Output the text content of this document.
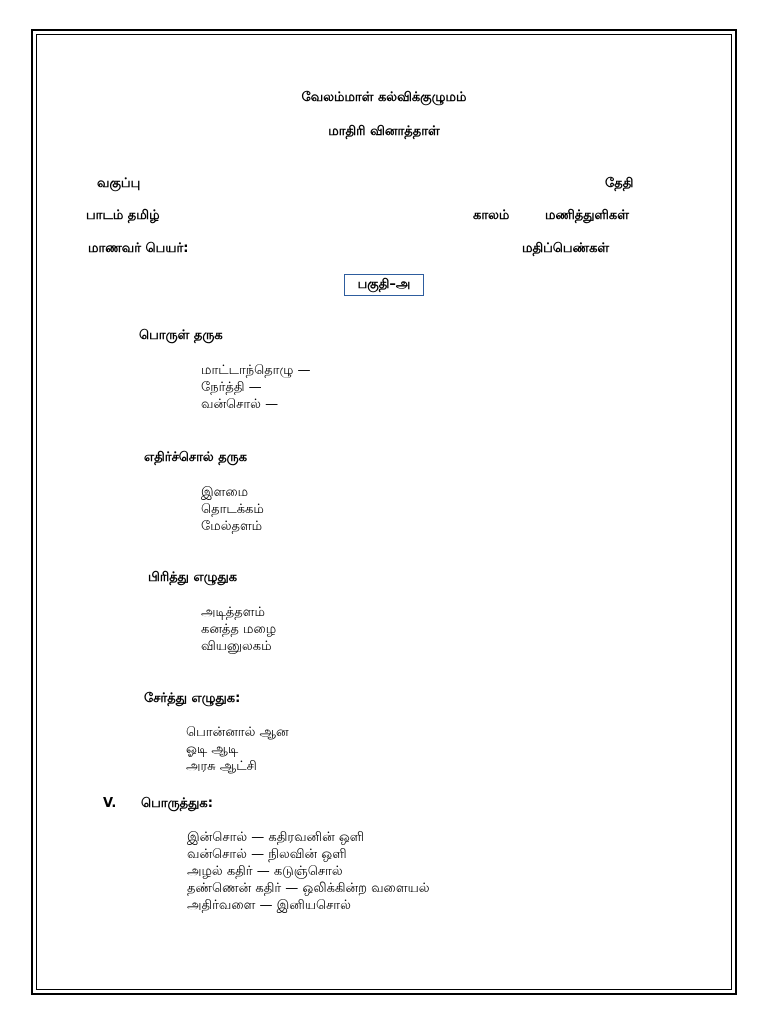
வேலம்மாள் கல்விக்குழுமம்
மாதிரி வினாத்தாள்
வகுப்பு	தேதி
பாடம் தமிழ்	காலம்	மணித்துளிகள்
மாணவர் பெயர்:	மதிப்பெண்கள்
பகுதி–அ
பொருள் தருக
மாட்டாந்தொழு —
நேர்த்தி —
வன்சொல் —
எதிர்ச்சொல் தருக
இளமை
தொடக்கம்
மேல்தளம்
பிரித்து எழுதுக
அடித்தளம்
கனத்த மழை
வியனுலகம்
சேர்த்து எழுதுக:
பொன்னால் ஆன
ஓடி ஆடி
அரசு ஆட்சி
V. பொருத்துக:
இன்சொல் — கதிரவனின் ஒளி
வன்சொல் — நிலவின் ஒளி
அழல் கதிர் — கடுஞ்சொல்
தண்ணென் கதிர் — ஒலிக்கின்ற வளையல்
அதிர்வளை — இனியசொல்
